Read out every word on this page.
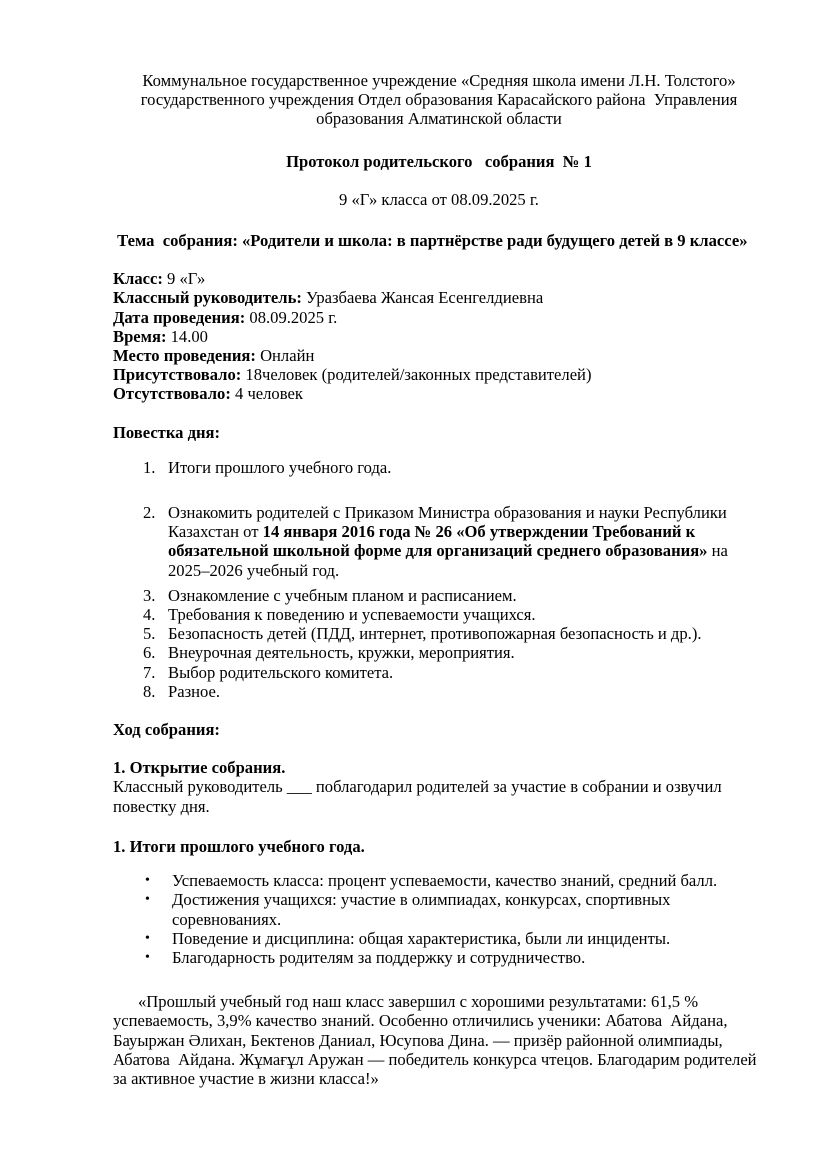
Коммунальное государственное учреждение «Средняя школа имени Л.Н. Толстого»

государственного учреждения Отдел образования Карасайского района  Управления

образования Алматинской области

Протокол родительского   собрания  № 1

9 «Г» класса от 08.09.2025 г.

Тема  собрания: «Родители и школа: в партнёрстве ради будущего детей в 9 классе»

Класс: 9 «Г»

Классный руководитель: Уразбаева Жансая Есенгелдиевна

Дата проведения: 08.09.2025 г.

Время: 14.00

Место проведения: Онлайн

Присутствовало: 18человек (родителей/законных представителей)

Отсутствовало: 4 человек

Повестка дня:

1. Итоги прошлого учебного года.
2. Ознакомить родителей с Приказом Министра образования и науки Республики Казахстан от 14 января 2016 года № 26 «Об утверждении Требований к обязательной школьной форме для организаций среднего образования» на 2025–2026 учебный год.
3. Ознакомление с учебным планом и расписанием.
4. Требования к поведению и успеваемости учащихся.
5. Безопасность детей (ПДД, интернет, противопожарная безопасность и др.).
6. Внеурочная деятельность, кружки, мероприятия.
7. Выбор родительского комитета.
8. Разное.

Ход собрания:

1. Открытие собрания.

Классный руководитель ___ поблагодарил родителей за участие в собрании и озвучил повестку дня.

1. Итоги прошлого учебного года.

•	Успеваемость класса: процент успеваемости, качество знаний, средний балл.
•	Достижения учащихся: участие в олимпиадах, конкурсах, спортивных соревнованиях.
•	Поведение и дисциплина: общая характеристика, были ли инциденты.
•	Благодарность родителям за поддержку и сотрудничество.

«Прошлый учебный год наш класс завершил с хорошими результатами: 61,5 % успеваемость, 3,9% качество знаний. Особенно отличились ученики: Абатова  Айдана, Бауыржан Әлихан, Бектенов Даниал, Юсупова Дина. — призёр районной олимпиады, Абатова  Айдана. Жұмағұл Аружан — победитель конкурса чтецов. Благодарим родителей за активное участие в жизни класса!»
